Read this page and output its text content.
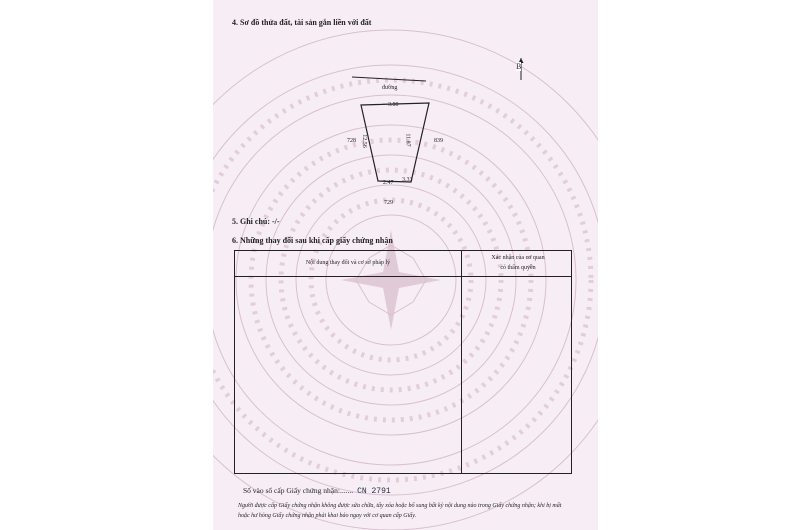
4. Sơ đồ thửa đất, tài sản gắn liền với đất
B
đường
3.80
12.56	11.87
2.47 3.33
728	839
729
5. Ghi chú: -/-
6. Những thay đổi sau khi cấp giấy chứng nhận
Nội dung thay đổi và cơ sở pháp lý
Xác nhận của cơ quan
có thẩm quyền
Số vào sổ cấp Giấy chứng nhận:....... CN 2791
Người được cấp Giấy chứng nhận không được sửa chữa, tẩy xóa hoặc bổ sung bất kỳ nội dung nào trong Giấy chứng nhận; khi bị mất hoặc hư hỏng Giấy chứng nhận phải khai báo ngay với cơ quan cấp Giấy.
